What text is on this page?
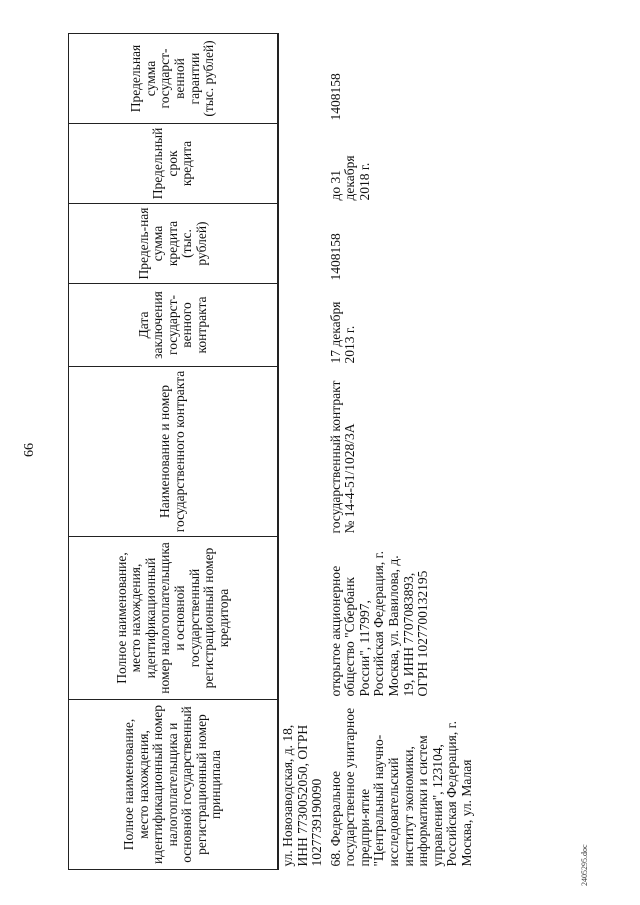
66
Полное наименование, место нахождения, идентификационный номер налогоплательщика и основной государственный регистрационный номер принципала	Полное наименование, место нахождения, идентификационный номер налогоплательщика и основной государственный регистрационный номер кредитора	Наименование и номер государственного контракта	Дата заключения государст-венного контракта	Предель-ная сумма кредита (тыс. рублей)	Предельный срок кредита	Предельная сумма государст-венной гарантии (тыс. рублей)
ул. Новозаводская, д. 18, ИНН 7730052050, ОГРН 1027739190090						
68. Федеральное государственное унитарное предпри-ятие "Центральный научно-исследовательский институт экономики, информатики и систем управления", 123104, Российская Федерация, г. Москва, ул. Малая	открытое акционерное общество "Сбербанк России", 117997, Российская Федерация, г. Москва, ул. Вавилова, д. 19, ИНН 7707083893, ОГРН 1027700132195	государственный контракт № 14-4-51/1028/3А	17 декабря 2013 г.	1408158	до 31 декабря 2018 г.	1408158
2405295.doc
